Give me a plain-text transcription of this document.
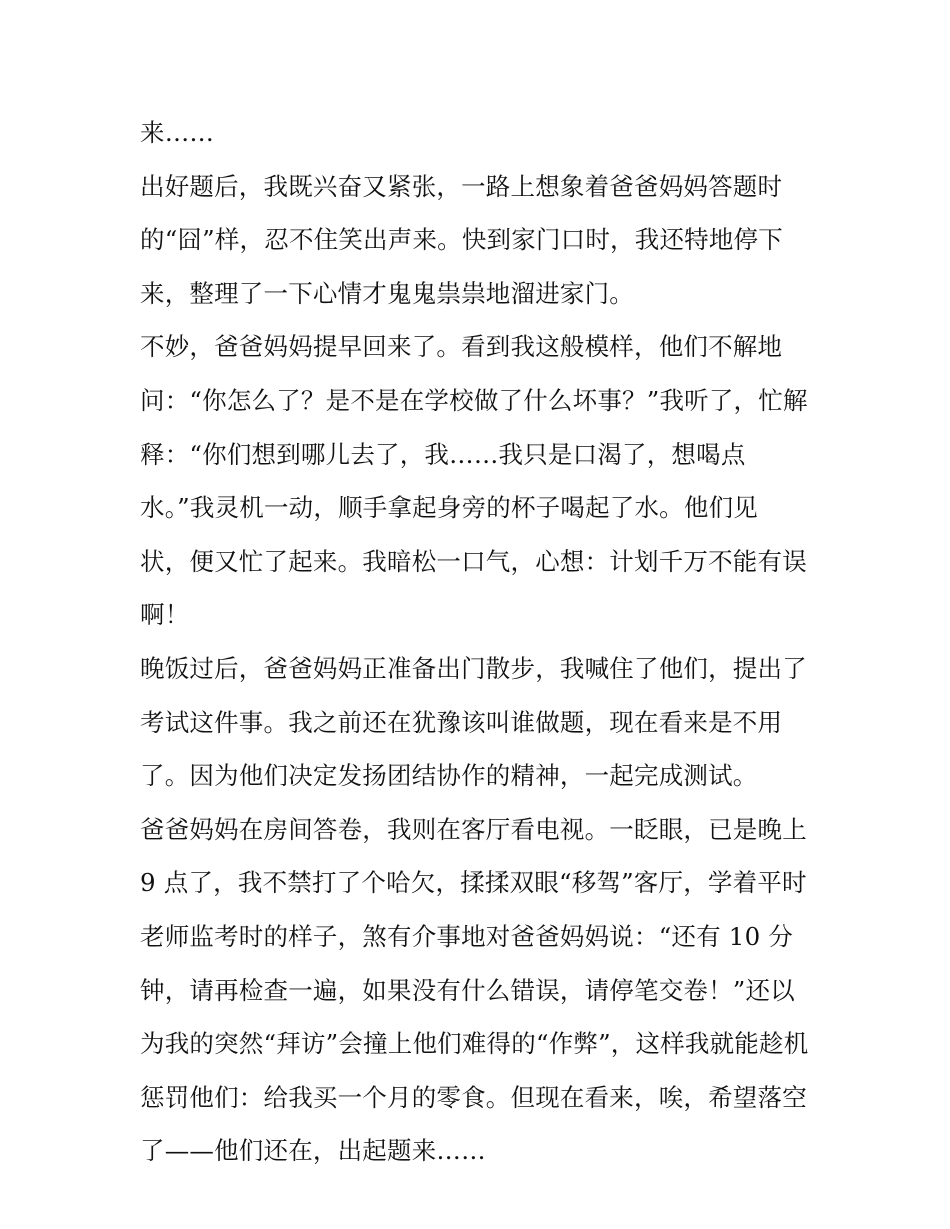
来……
出好题后，我既兴奋又紧张，一路上想象着爸爸妈妈答题时
的“囧”样，忍不住笑出声来。快到家门口时，我还特地停下
来，整理了一下心情才鬼鬼祟祟地溜进家门。
不妙，爸爸妈妈提早回来了。看到我这般模样，他们不解地
问：“你怎么了？是不是在学校做了什么坏事？”我听了，忙解
释：“你们想到哪儿去了，我……我只是口渴了，想喝点
水。”我灵机一动，顺手拿起身旁的杯子喝起了水。他们见
状，便又忙了起来。我暗松一口气，心想：计划千万不能有误
啊！
晚饭过后，爸爸妈妈正准备出门散步，我喊住了他们，提出了
考试这件事。我之前还在犹豫该叫谁做题，现在看来是不用
了。因为他们决定发扬团结协作的精神，一起完成测试。
爸爸妈妈在房间答卷，我则在客厅看电视。一眨眼，已是晚上
9 点了，我不禁打了个哈欠，揉揉双眼“移驾”客厅，学着平时
老师监考时的样子，煞有介事地对爸爸妈妈说：“还有 10 分
钟，请再检查一遍，如果没有什么错误，请停笔交卷！”还以
为我的突然“拜访”会撞上他们难得的“作弊”，这样我就能趁机
惩罚他们：给我买一个月的零食。但现在看来，唉，希望落空
了——他们还在，出起题来……
